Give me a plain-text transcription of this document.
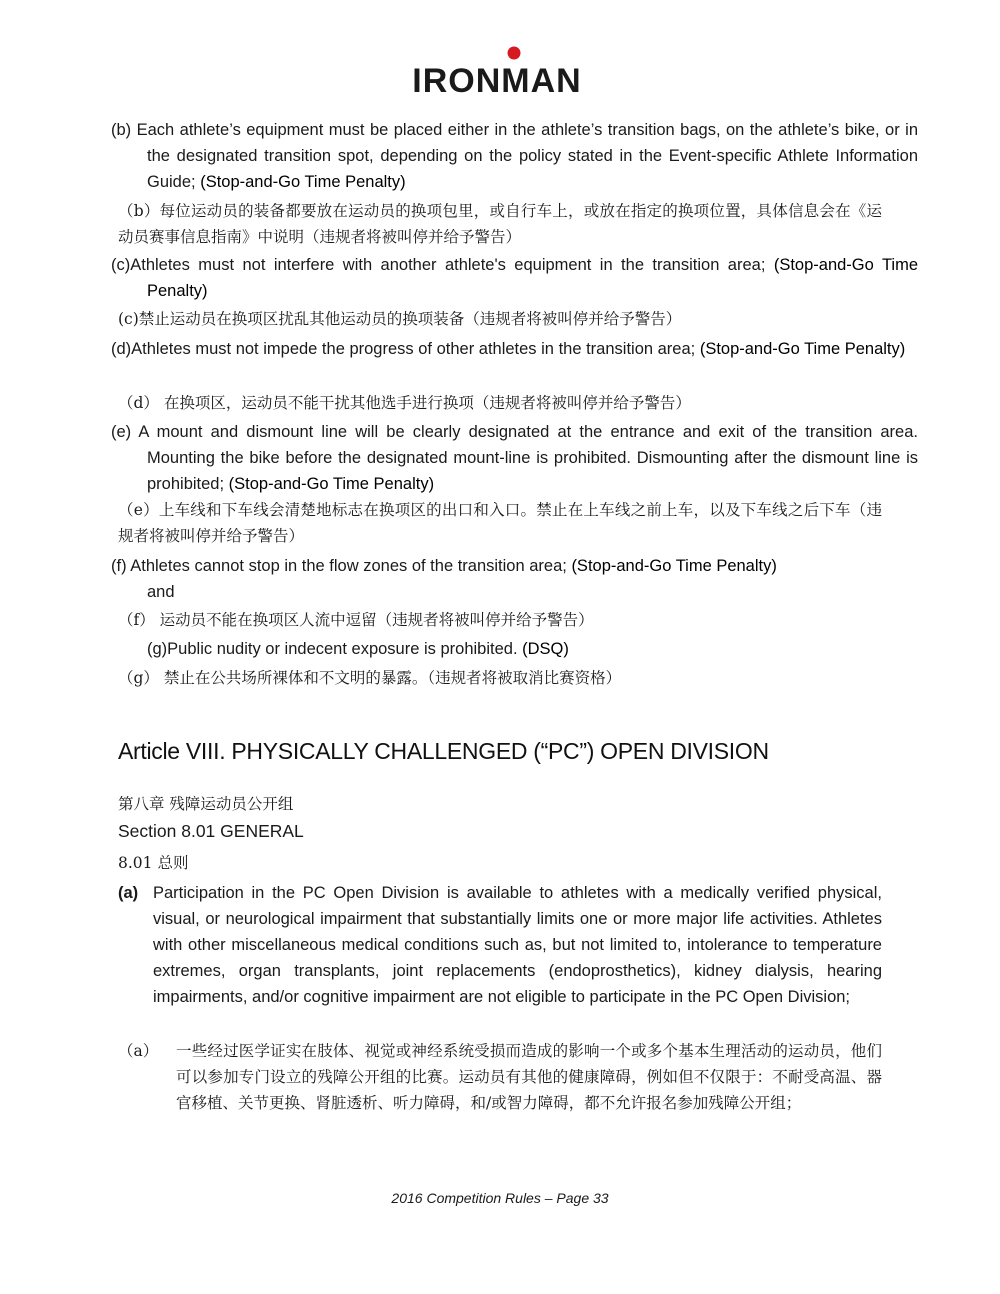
IRONMAN
(b) Each athlete’s equipment must be placed either in the athlete’s transition bags, on the athlete’s bike, or in the designated transition spot, depending on the policy stated in the Event-specific Athlete Information Guide; (Stop-and-Go Time Penalty)
（b）每位运动员的装备都要放在运动员的换项包里，或自行车上，或放在指定的换项位置，具体信息会在《运动员赛事信息指南》中说明（违规者将被叫停并给予警告）
(c)Athletes must not interfere with another athlete's equipment in the transition area; (Stop-and-Go Time Penalty)
(c)禁止运动员在换项区扰乱其他运动员的换项装备（违规者将被叫停并给予警告）
(d)Athletes must not impede the progress of other athletes in the transition area; (Stop-and-Go Time Penalty)
（d） 在换项区，运动员不能干扰其他选手进行换项（违规者将被叫停并给予警告）
(e) A mount and dismount line will be clearly designated at the entrance and exit of the transition area. Mounting the bike before the designated mount-line is prohibited. Dismounting after the dismount line is prohibited; (Stop-and-Go Time Penalty)
（e）上车线和下车线会清楚地标志在换项区的出口和入口。禁止在上车线之前上车，以及下车线之后下车（违规者将被叫停并给予警告）
(f) Athletes cannot stop in the flow zones of the transition area; (Stop-and-Go Time Penalty)
and
（f） 运动员不能在换项区人流中逗留（违规者将被叫停并给予警告）
(g)Public nudity or indecent exposure is prohibited. (DSQ)
（g） 禁止在公共场所裸体和不文明的暴露。（违规者将被取消比赛资格）
Article VIII. PHYSICALLY CHALLENGED (“PC”) OPEN DIVISION
第八章 残障运动员公开组
Section 8.01 GENERAL
8.01 总则
(a) Participation in the PC Open Division is available to athletes with a medically verified physical, visual, or neurological impairment that substantially limits one or more major life activities. Athletes with other miscellaneous medical conditions such as, but not limited to, intolerance to temperature extremes, organ transplants, joint replacements (endoprosthetics), kidney dialysis, hearing impairments, and/or cognitive impairment are not eligible to participate in the PC Open Division;
（a）	一些经过医学证实在肢体、视觉或神经系统受损而造成的影响一个或多个基本生理活动的运动员，他们可以参加专门设立的残障公开组的比赛。运动员有其他的健康障碍，例如但不仅限于：不耐受高温、器官移植、关节更换、肾脏透析、听力障碍，和/或智力障碍，都不允许报名参加残障公开组；
2016 Competition Rules – Page 33
